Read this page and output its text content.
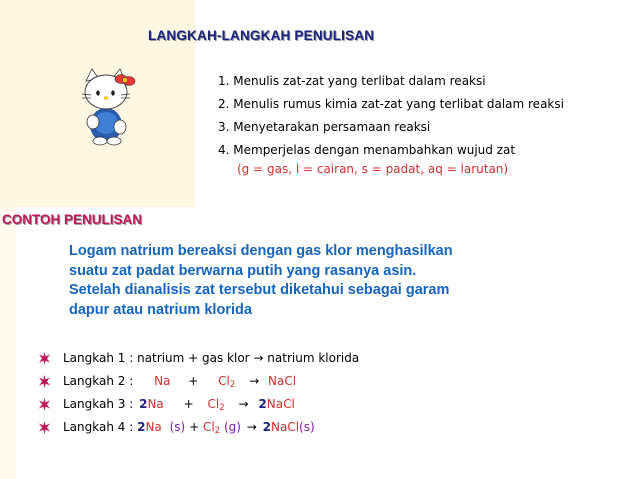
LANGKAH-LANGKAH PENULISAN
1. Menulis zat-zat yang terlibat dalam reaksi
2. Menulis rumus kimia zat-zat yang terlibat dalam reaksi
3. Menyetarakan persamaan reaksi
4. Memperjelas dengan menambahkan wujud zat
(g = gas, l = cairan, s = padat, aq = larutan)
CONTOH PENULISAN
Logam natrium bereaksi dengan gas klor menghasilkan
suatu zat padat berwarna putih yang rasanya asin.
Setelah dianalisis zat tersebut diketahui sebagai garam
dapur atau natrium klorida
Langkah 1 : natrium + gas klor → natrium klorida
Langkah 2 : $Na + Cl_2$ → NaCl
Langkah 3 : $2Na + Cl_2$ → 2NaCl
Langkah 4 : 2Na $(s) + Cl_2$ (g) → 2NaCl(s)
